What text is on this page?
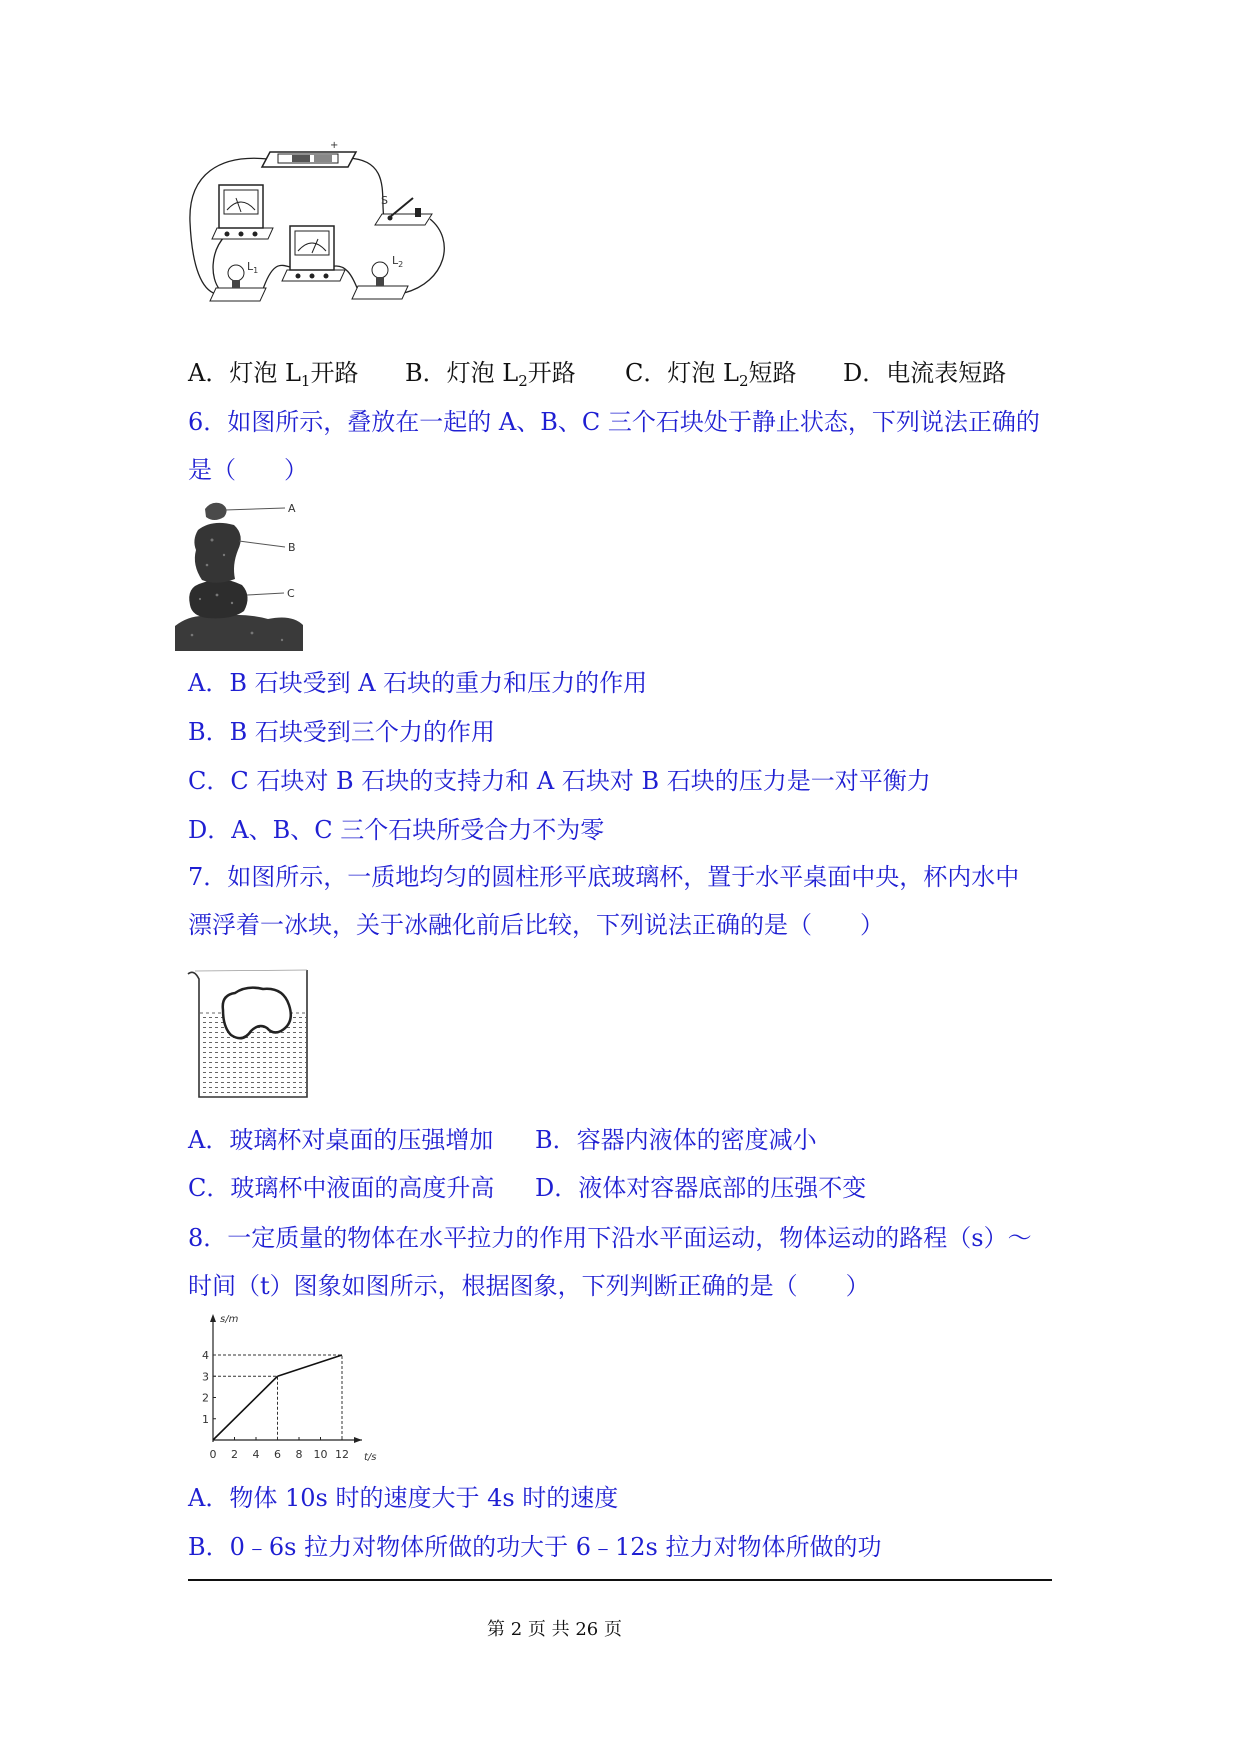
+
S
$L_1$
$L_2$
A．灯泡 $L_1$开路 B．灯泡 $L_2$开路 C．灯泡 $L_2$短路 D．电流表短路
6．如图所示，叠放在一起的 A、B、C 三个石块处于静止状态，下列说法正确的
是（　　）
A
B
C
A．B 石块受到 A 石块的重力和压力的作用
B．B 石块受到三个力的作用
C．C 石块对 B 石块的支持力和 A 石块对 B 石块的压力是一对平衡力
D．A、B、C 三个石块所受合力不为零
7．如图所示，一质地均匀的圆柱形平底玻璃杯，置于水平桌面中央，杯内水中
漂浮着一冰块，关于冰融化前后比较，下列说法正确的是（　　）
A．玻璃杯对桌面的压强增加 B．容器内液体的密度减小
C．玻璃杯中液面的高度升高 D．液体对容器底部的压强不变
8．一定质量的物体在水平拉力的作用下沿水平面运动，物体运动的路程（s）～
时间（t）图象如图所示，根据图象，下列判断正确的是（　　）
s/m
t/s
1
2
3
4
0 2 4 6 8 10 12
A．物体 10s 时的速度大于 4s 时的速度
B．0﹣6s 拉力对物体所做的功大于 6﹣12s 拉力对物体所做的功
第 2 页 共 26 页
